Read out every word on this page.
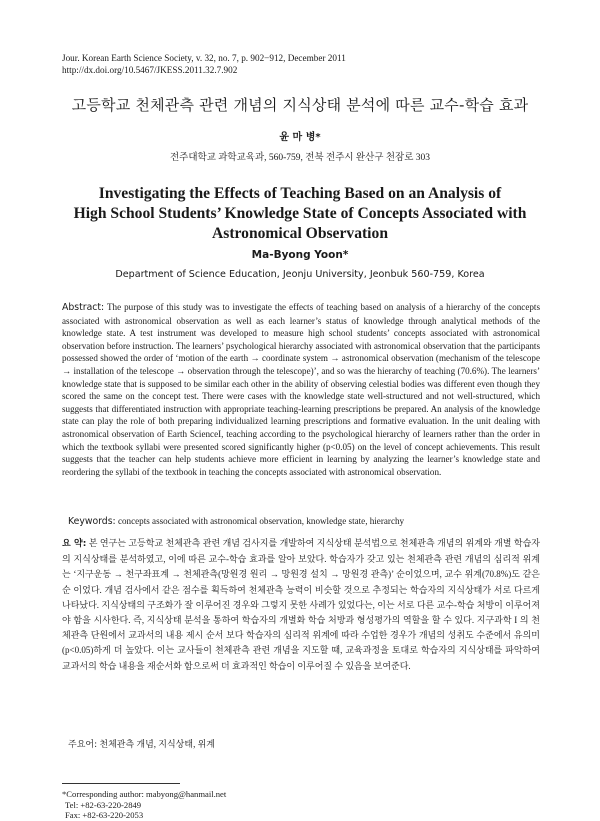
Jour. Korean Earth Science Society, v. 32, no. 7, p. 902−912, December 2011
http://dx.doi.org/10.5467/JKESS.2011.32.7.902
고등학교 천체관측 관련 개념의 지식상태 분석에 따른 교수-학습 효과
윤 마 병*
전주대학교 과학교육과, 560-759, 전북 전주시 완산구 천잠로 303
Investigating the Effects of Teaching Based on an Analysis of
High School Students’ Knowledge State of Concepts Associated with
Astronomical Observation
Ma-Byong Yoon*
Department of Science Education, Jeonju University, Jeonbuk 560-759, Korea
Abstract: The purpose of this study was to investigate the effects of teaching based on analysis of a hierarchy of the concepts associated with astronomical observation as well as each learner’s status of knowledge through analytical methods of the knowledge state. A test instrument was developed to measure high school students’ concepts associated with astronomical observation before instruction. The learners’ psychological hierarchy associated with astronomical observation that the participants possessed showed the order of ‘motion of the earth → coordinate system → astronomical observation (mechanism of the telescope → installation of the telescope → observation through the telescope)’, and so was the hierarchy of teaching (70.6%). The learners’ knowledge state that is supposed to be similar each other in the ability of observing celestial bodies was different even though they scored the same on the concept test. There were cases with the knowledge state well-structured and not well-structured, which suggests that differentiated instruction with appropriate teaching-learning prescriptions be prepared. An analysis of the knowledge state can play the role of both preparing individualized learning prescriptions and formative evaluation. In the unit dealing with astronomical observation of Earth ScienceI, teaching according to the psychological hierarchy of learners rather than the order in which the textbook syllabi were presented scored significantly higher (p<0.05) on the level of concept achievements. This result suggests that the teacher can help students achieve more efficient in learning by analyzing the learner’s knowledge state and reordering the syllabi of the textbook in teaching the concepts associated with astronomical observation.
Keywords: concepts associated with astronomical observation, knowledge state, hierarchy
요 약: 본 연구는 고등학교 천체관측 관련 개념 검사지를 개발하여 지식상태 분석법으로 천체관측 개념의 위계와 개별 학습자의 지식상태를 분석하였고, 이에 따른 교수-학습 효과를 알아 보았다. 학습자가 갖고 있는 천체관측 관련 개념의 심리적 위계는 ‘지구운동 → 천구좌표계 → 천체관측(망원경 원리 → 망원경 설치 → 망원경 관측)’ 순이었으며, 교수 위계(70.8%)도 같은 순 이었다. 개념 검사에서 같은 점수를 획득하여 천체관측 능력이 비슷할 것으로 추정되는 학습자의 지식상태가 서로 다르게 나타났다. 지식상태의 구조화가 잘 이루어진 경우와 그렇지 못한 사례가 있었다는, 이는 서로 다른 교수-학습 처방이 이루어져야 함을 시사한다. 즉, 지식상태 분석을 통하여 학습자의 개별화 학습 처방과 형성평가의 역할을 할 수 있다. 지구과학 I 의 천체관측 단원에서 교과서의 내용 제시 순서 보다 학습자의 심리적 위계에 따라 수업한 경우가 개념의 성취도 수준에서 유의미(p<0.05)하게 더 높았다. 이는 교사들이 천체관측 관련 개념을 지도할 때, 교육과정을 토대로 학습자의 지식상태를 파악하여 교과서의 학습 내용을 재순서화 함으로써 더 효과적인 학습이 이루어질 수 있음을 보여준다.
주요어: 천체관측 개념, 지식상태, 위계
*Corresponding author: mabyong@hanmail.net
Tel: +82-63-220-2849
Fax: +82-63-220-2053
